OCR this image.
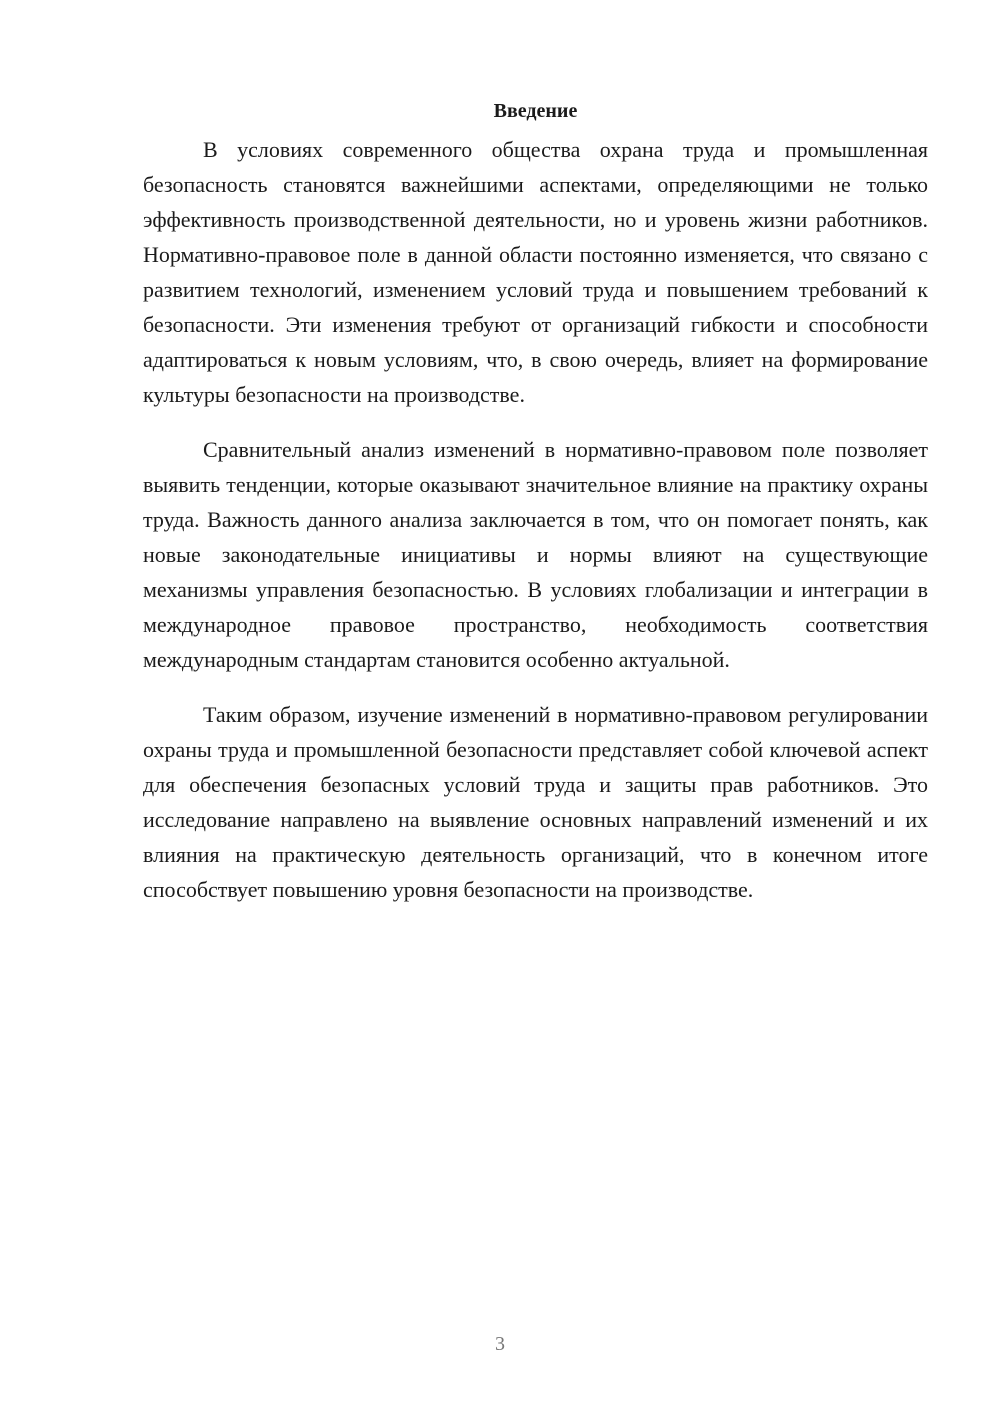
Введение

В условиях современного общества охрана труда и промышленная безопасность становятся важнейшими аспектами, определяющими не только эффективность производственной деятельности, но и уровень жизни работников. Нормативно-правовое поле в данной области постоянно изменяется, что связано с развитием технологий, изменением условий труда и повышением требований к безопасности. Эти изменения требуют от организаций гибкости и способности адаптироваться к новым условиям, что, в свою очередь, влияет на формирование культуры безопасности на производстве.

Сравнительный анализ изменений в нормативно-правовом поле позволяет выявить тенденции, которые оказывают значительное влияние на практику охраны труда. Важность данного анализа заключается в том, что он помогает понять, как новые законодательные инициативы и нормы влияют на существующие механизмы управления безопасностью. В условиях глобализации и интеграции в международное правовое пространство, необходимость соответствия международным стандартам становится особенно актуальной.

Таким образом, изучение изменений в нормативно-правовом регулировании охраны труда и промышленной безопасности представляет собой ключевой аспект для обеспечения безопасных условий труда и защиты прав работников. Это исследование направлено на выявление основных направлений изменений и их влияния на практическую деятельность организаций, что в конечном итоге способствует повышению уровня безопасности на производстве.

3
